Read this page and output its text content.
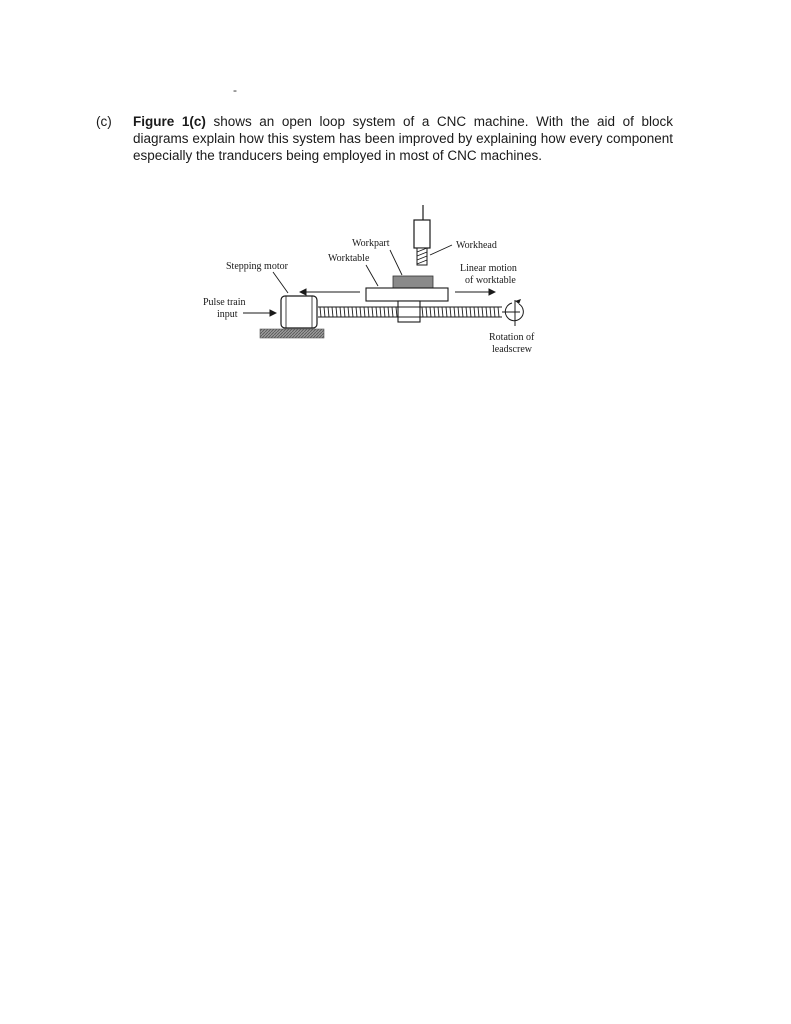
-
(c) Figure 1(c) shows an open loop system of a CNC machine. With the aid of block diagrams explain how this system has been improved by explaining how every component especially the tranducers being employed in most of CNC machines.
Workpart
Worktable
Workhead
Stepping motor	Linear motion
of worktable
Pulse train
input
Rotation of
leadscrew
